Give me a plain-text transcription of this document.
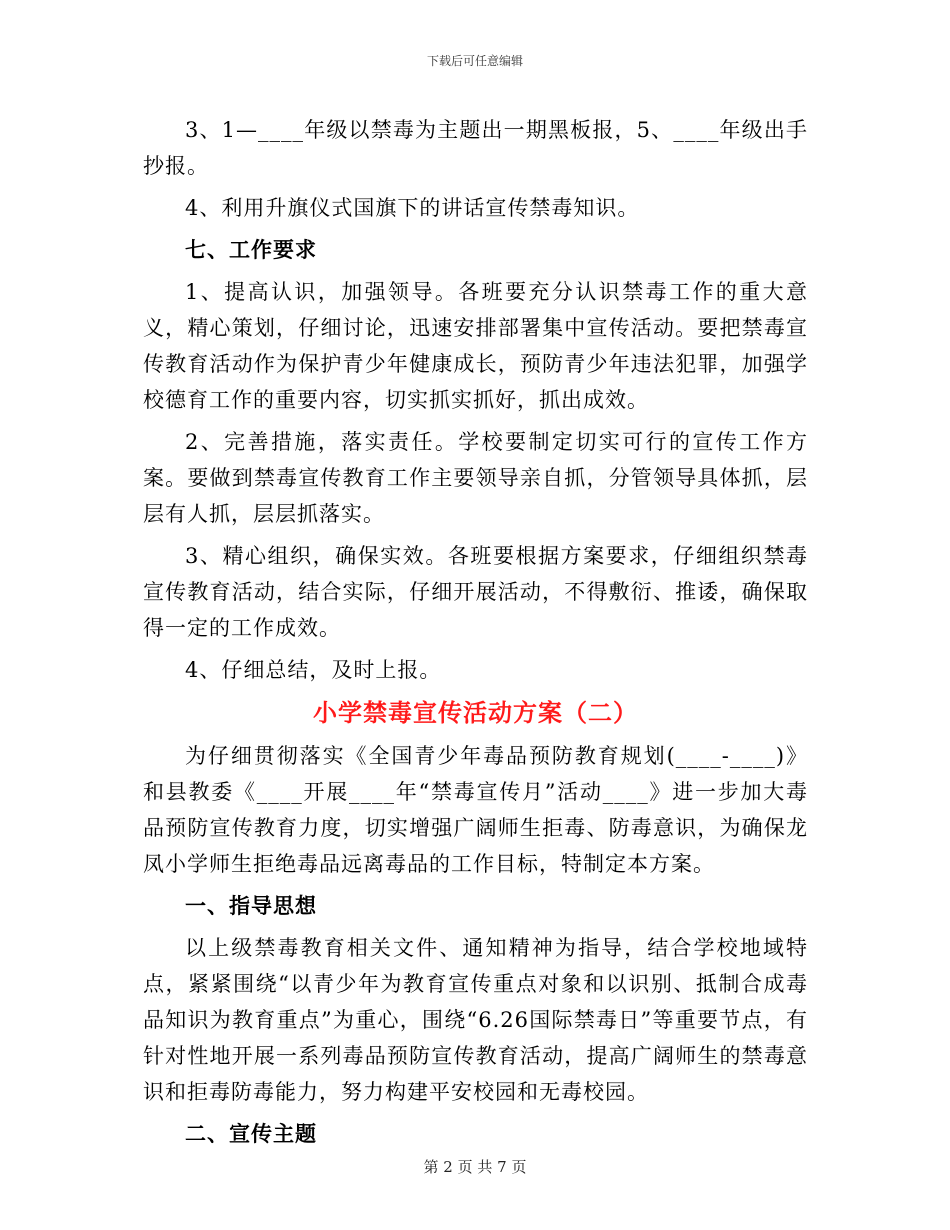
下载后可任意编辑

3、1—____年级以禁毒为主题出一期黑板报，5、____年级出手抄报。

4、利用升旗仪式国旗下的讲话宣传禁毒知识。

七、工作要求

1、提高认识，加强领导。各班要充分认识禁毒工作的重大意义，精心策划，仔细讨论，迅速安排部署集中宣传活动。要把禁毒宣传教育活动作为保护青少年健康成长，预防青少年违法犯罪，加强学校德育工作的重要内容，切实抓实抓好，抓出成效。

2、完善措施，落实责任。学校要制定切实可行的宣传工作方案。要做到禁毒宣传教育工作主要领导亲自抓，分管领导具体抓，层层有人抓，层层抓落实。

3、精心组织，确保实效。各班要根据方案要求，仔细组织禁毒宣传教育活动，结合实际，仔细开展活动，不得敷衍、推诿，确保取得一定的工作成效。

4、仔细总结，及时上报。

小学禁毒宣传活动方案（二）

为仔细贯彻落实《全国青少年毒品预防教育规划(____-____)》和县教委《____开展____年“禁毒宣传月”活动____》进一步加大毒品预防宣传教育力度，切实增强广阔师生拒毒、防毒意识，为确保龙凤小学师生拒绝毒品远离毒品的工作目标，特制定本方案。

一、指导思想

以上级禁毒教育相关文件、通知精神为指导，结合学校地域特点，紧紧围绕“以青少年为教育宣传重点对象和以识别、抵制合成毒品知识为教育重点”为重心，围绕“6.26国际禁毒日”等重要节点，有针对性地开展一系列毒品预防宣传教育活动，提高广阔师生的禁毒意识和拒毒防毒能力，努力构建平安校园和无毒校园。

二、宣传主题

第 2 页 共 7 页
